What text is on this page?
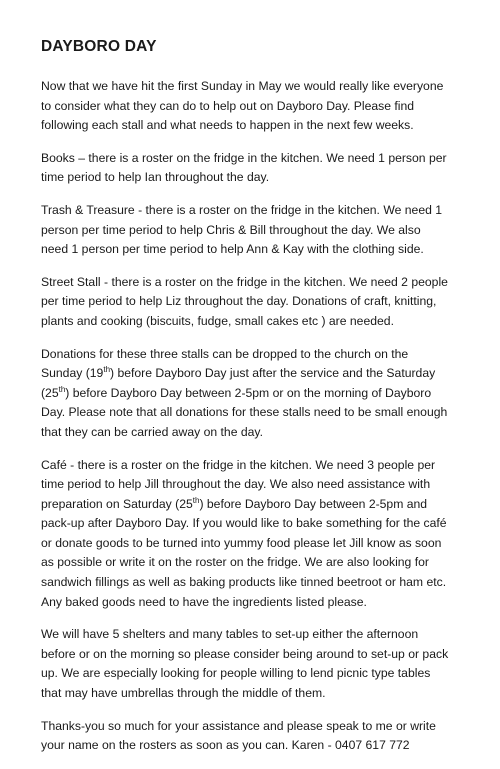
DAYBORO DAY

Now that we have hit the first Sunday in May we would really like everyone
to consider what they can do to help out on Dayboro Day. Please find
following each stall and what needs to happen in the next few weeks.

Books – there is a roster on the fridge in the kitchen. We need 1 person per
time period to help Ian throughout the day.

Trash & Treasure - there is a roster on the fridge in the kitchen. We need 1
person per time period to help Chris & Bill throughout the day. We also
need 1 person per time period to help Ann & Kay with the clothing side.

Street Stall - there is a roster on the fridge in the kitchen. We need 2 people
per time period to help Liz throughout the day. Donations of craft, knitting,
plants and cooking (biscuits, fudge, small cakes etc ) are needed.

Donations for these three stalls can be dropped to the church on the
Sunday (19th) before Dayboro Day just after the service and the Saturday
(25th) before Dayboro Day between 2-5pm or on the morning of Dayboro
Day. Please note that all donations for these stalls need to be small enough
that they can be carried away on the day.

Café - there is a roster on the fridge in the kitchen. We need 3 people per
time period to help Jill throughout the day. We also need assistance with
preparation on Saturday (25th) before Dayboro Day between 2-5pm and
pack-up after Dayboro Day. If you would like to bake something for the café
or donate goods to be turned into yummy food please let Jill know as soon
as possible or write it on the roster on the fridge. We are also looking for
sandwich fillings as well as baking products like tinned beetroot or ham etc.
Any baked goods need to have the ingredients listed please.

We will have 5 shelters and many tables to set-up either the afternoon
before or on the morning so please consider being around to set-up or pack
up. We are especially looking for people willing to lend picnic type tables
that may have umbrellas through the middle of them.

Thanks-you so much for your assistance and please speak to me or write
your name on the rosters as soon as you can. Karen - 0407 617 772
